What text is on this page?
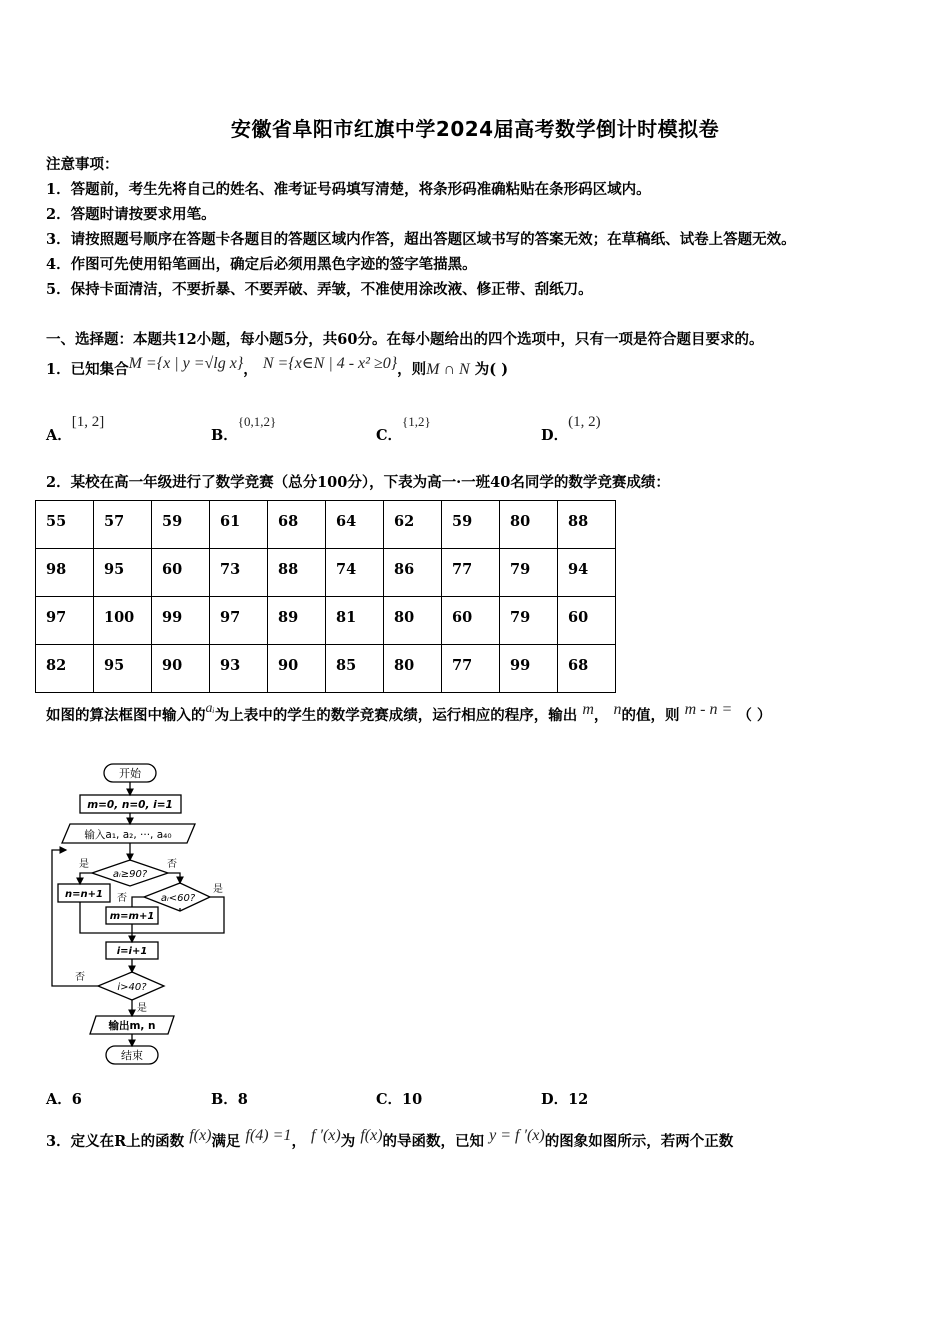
安徽省阜阳市红旗中学2024届高考数学倒计时模拟卷
注意事项：
1．答题前，考生先将自己的姓名、准考证号码填写清楚，将条形码准确粘贴在条形码区域内。
2．答题时请按要求用笔。
3．请按照题号顺序在答题卡各题目的答题区域内作答，超出答题区域书写的答案无效；在草稿纸、试卷上答题无效。
4．作图可先使用铅笔画出，确定后必须用黑色字迹的签字笔描黑。
5．保持卡面清洁，不要折暴、不要弄破、弄皱，不准使用涂改液、修正带、刮纸刀。
一、选择题：本题共12小题，每小题5分，共60分。在每小题给出的四个选项中，只有一项是符合题目要求的。
1．已知集合M ={x | y =√lg x}， N ={x∈N | 4 - x² ≥0}，则M ∩ N 为( )
A．[1, 2]
B．{0,1,2}
C．{1,2}
D．(1, 2)
2．某校在高一年级进行了数学竞赛（总分100分），下表为高一·一班40名同学的数学竞赛成绩：
55	57	59	61	68	64	62	59	80	88
98	95	60	73	88	74	86	77	79	94
97	100	99	97	89	81	80	60	79	60
82	95	90	93	90	85	80	77	99	68
如图的算法框图中输入的aᵢ为上表中的学生的数学竞赛成绩，运行相应的程序，输出 m， n的值，则 m - n = （ ）
开始
m=0, n=0, i=1
输入a₁, a₂, ···, a₄₀
aᵢ≥90?
是	否
n=n+1	aᵢ<60?
否
是
m=m+1
i=i+1
i>40?
否
是
输出m, n
结束
A．6	B．8	C．10	D．12
3．定义在R上的函数 f(x)满足 f(4) =1， f ′(x)为 f(x)的导函数，已知 y = f ′(x)的图象如图所示，若两个正数
